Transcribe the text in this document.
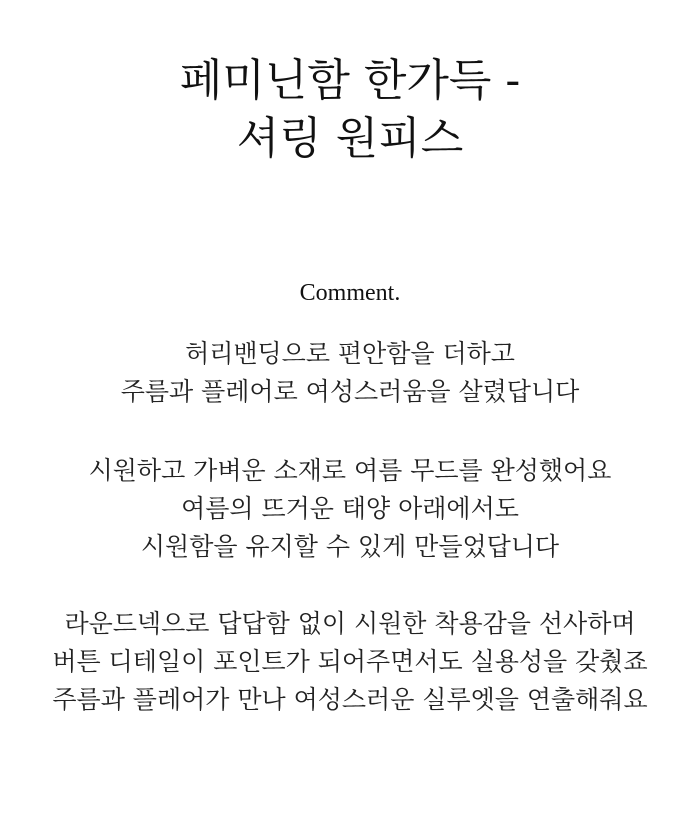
페미닌함 한가득 -
셔링 원피스
Comment.
허리밴딩으로 편안함을 더하고
주름과 플레어로 여성스러움을 살렸답니다
시원하고 가벼운 소재로 여름 무드를 완성했어요
여름의 뜨거운 태양 아래에서도
시원함을 유지할 수 있게 만들었답니다
라운드넥으로 답답함 없이 시원한 착용감을 선사하며
버튼 디테일이 포인트가 되어주면서도 실용성을 갖췄죠
주름과 플레어가 만나 여성스러운 실루엣을 연출해줘요
